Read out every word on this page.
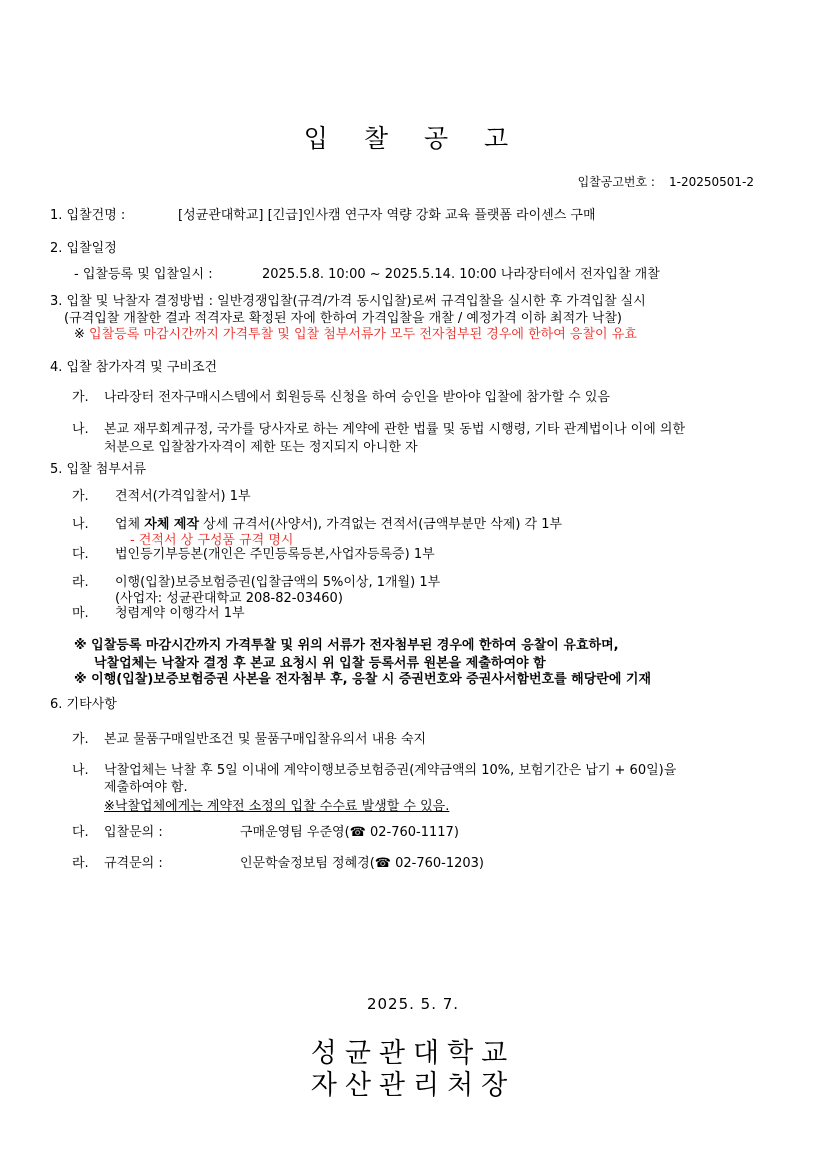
입 찰 공 고
입찰공고번호 : 1-20250501-2
1. 입찰건명 :	[성균관대학교] [긴급]인사캠 연구자 역량 강화 교육 플랫폼 라이센스 구매
2. 입찰일정
- 입찰등록 및 입찰일시 :	2025.5.8. 10:00 ~ 2025.5.14. 10:00 나라장터에서 전자입찰 개찰
3. 입찰 및 낙찰자 결정방법 : 일반경쟁입찰(규격/가격 동시입찰)로써 규격입찰을 실시한 후 가격입찰 실시
(규격입찰 개찰한 결과 적격자로 확정된 자에 한하여 가격입찰을 개찰 / 예정가격 이하 최적가 낙찰)
※ 입찰등록 마감시간까지 가격투찰 및 입찰 첨부서류가 모두 전자첨부된 경우에 한하여 응찰이 유효
4. 입찰 참가자격 및 구비조건
가. 나라장터 전자구매시스템에서 회원등록 신청을 하여 승인을 받아야 입찰에 참가할 수 있음
나. 본교 재무회계규정, 국가를 당사자로 하는 계약에 관한 법률 및 동법 시행령, 기타 관계법이나 이에 의한
처분으로 입찰참가자격이 제한 또는 정지되지 아니한 자
5. 입찰 첨부서류
가. 견적서(가격입찰서) 1부
나. 업체 자체 제작 상세 규격서(사양서), 가격없는 견적서(금액부분만 삭제) 각 1부
- 견적서 상 구성품 규격 명시
다. 법인등기부등본(개인은 주민등록등본,사업자등록증) 1부
라. 이행(입찰)보증보험증권(입찰금액의 5%이상, 1개월) 1부
(사업자: 성균관대학교 208-82-03460)
마. 청렴계약 이행각서 1부
※ 입찰등록 마감시간까지 가격투찰 및 위의 서류가 전자첨부된 경우에 한하여 응찰이 유효하며,
낙찰업체는 낙찰자 결정 후 본교 요청시 위 입찰 등록서류 원본을 제출하여야 함
※ 이행(입찰)보증보험증권 사본을 전자첨부 후, 응찰 시 증권번호와 증권사서함번호를 해당란에 기재
6. 기타사항
가. 본교 물품구매일반조건 및 물품구매입찰유의서 내용 숙지
나. 낙찰업체는 낙찰 후 5일 이내에 계약이행보증보험증권(계약금액의 10%, 보험기간은 납기 + 60일)을
제출하여야 함.
※낙찰업체에게는 계약전 소정의 입찰 수수료 발생할 수 있음.
다. 입찰문의 :	구매운영팀 우준영(☎ 02-760-1117)
라. 규격문의 :	인문학술정보팀 정혜경(☎ 02-760-1203)
2025. 5. 7.
성균관대학교
자산관리처장
